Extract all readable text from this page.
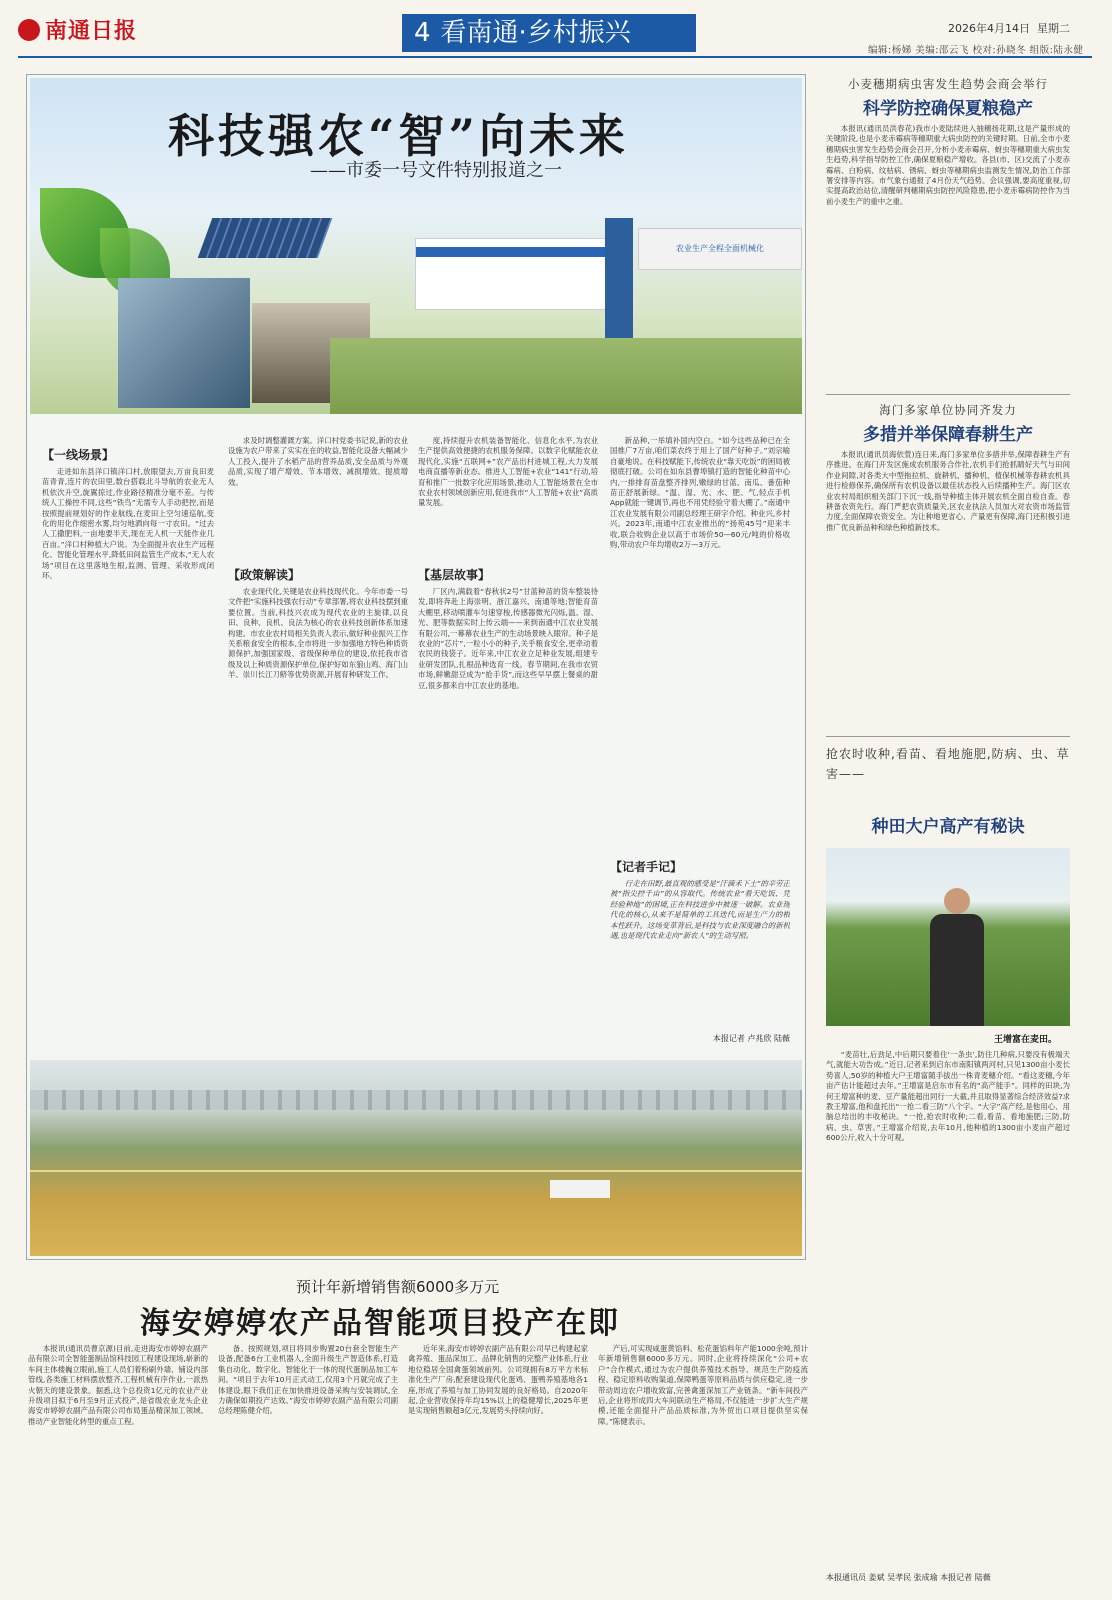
南通日报	4 看南通·乡村振兴	2026年4月14日 星期二
编辑:杨娣 美编:邵云飞 校对:孙晓冬 组版:陆永健
农业生产全程全面机械化
科技强农“智”向未来
——市委一号文件特别报道之一
【一线场景】

走进如东县洋口镇洋口村,放眼望去,万亩良田麦苗青青,连片的农田里,数台搭载北斗导航的农业无人机依次升空,旋翼掠过,作业路径精准分毫不差。与传统人工操控不同,这些“铁鸟”无需专人手动把控,而是按照提前规划好的作业航线,在麦田上空匀速巡航,变化的用化作细密水雾,均匀地洒向每一寸农田。“过去人工撒肥料,一亩地要半天,现在无人机一天能作业几百亩。”洋口村种植大户说。为全面提升农业生产远程化、智能化管理水平,降低田间监管生产成本,“无人农场”项目在这里落地生根,监测、管理、采收形成闭环。

求及时调整灌溉方案。洋口村党委书记说,新的农业设施为农户带来了实实在在的收益,智能化设备大幅减少人工投入,提升了水稻产品的营养品质,安全品质与外观品质,实现了增产增效、节本增效、减损增效、提质增效。

【政策解读】

农业现代化,关键是农业科技现代化。今年市委一号文件把“实施科技强农行动”专章部署,将农业科技摆到重要位置。当前,科技兴农成为现代农业的主旋律,以良田、良种、良机、良法为核心的农业科技创新体系加速构建。市农业农村局相关负责人表示,做好种业振兴工作关系粮食安全的根本,全市将进一步加强地方特色种质资源保护,加强国家级、省级保种单位的建设,依托我市省级及以上种质资源保护单位,保护好如东狼山鸡、海门山羊、崇川长江刀鲚等优势资源,开展育种研发工作。

度,持续提升农机装备智能化、信息化水平,为农业生产提供高效便捷的农机服务保障。以数字化赋能农业现代化,实施“五联网+”农产品出村进城工程,大力发展电商直播等新业态。推进人工智能+农业“141”行动,培育和推广一批数字化应用场景,推动人工智能场景在全市农业农村领域创新应用,促进我市“人工智能+农业”高质量发展。

【基层故事】

厂区内,满载着“春秋状2号”甘蓝种苗的货车整装待发,即将奔赴上海崇明、浙江嘉兴、南通等地;智能育苗大棚里,移动喷灌车匀速穿梭,传感器微光闪烁,温、湿、光、肥等数据实时上传云端——来到南通中江农业发展有限公司,一幕幕农业生产的生动场景映入眼帘。种子是农业的“芯片”,一粒小小的种子,关乎粮食安全,更牵动着农民的钱袋子。近年来,中江农业立足种业发展,组建专业研发团队,扎根品种选育一线。春节期间,在我市农贸市场,鲜嫩甜豆成为“抢手货”,而这些早早摆上餐桌的甜豆,很多都来自中江农业的基地。

新品种,一举填补国内空白。“如今这些品种已在全国推广7万亩,咱们菜农终于用上了国产好种子。”刘宗喻自豪地说。在科技赋能下,传统农业“靠天吃饭”的困局被彻底打破。公司在如东县曹埠镇打造的智能化种苗中心内,一排排育苗盘整齐排列,嫩绿的甘蓝、南瓜、番茄种苗正舒展新绿。“温、湿、光、水、肥、气,轻点手机App就能一键调节,再也不用凭经验守着大棚了。”南通中江农业发展有限公司副总经理王研字介绍。种业兴,乡村兴。2023年,南通中江农业推出的“扬苑45号”迎来丰收,联合收购企业以高于市场价50—60元/吨的价格收购,带动农户年均增收2万—3万元。

【记者手记】

行走在田野,最直观的感受是“汗滴禾下土”的辛劳正被“指尖控千亩”的从容取代。传统农业“看天吃饭、凭经验种地”的困境,正在科技进步中被逐一破解。农业现代化的核心,从来不是简单的工具迭代,而是生产力的根本性跃升。这场变革背后,是科技与农业深度融合的新机遇,也是现代农业走向“新农人”的生动写照。

本报记者 卢兆欣 陆薇
小麦穗期病虫害发生趋势会商会举行
科学防控确保夏粮稳产

本报讯(通讯员洪春花)我市小麦陆续进入抽穗扬花期,这是产量形成的关键阶段,也是小麦赤霉病等穗期重大病虫防控的关键时期。日前,全市小麦穗期病虫害发生趋势会商会召开,分析小麦赤霉病、蚜虫等穗期重大病虫发生趋势,科学指导防控工作,确保夏粮稳产增收。各县(市、区)交流了小麦赤霉病、白粉病、纹枯病、锈病、蚜虫等穗期病虫监测发生情况,防治工作部署安排等内容。市气象台通报了4月份天气趋势。会议强调,要高度重视,切实提高政治站位,清醒研判穗期病虫防控风险隐患,把小麦赤霉病防控作为当前小麦生产的重中之重。

海门多家单位协同齐发力
多措并举保障春耕生产

本报讯(通讯员海依萱)连日来,海门多家单位多措并举,保障春耕生产有序推进。在海门开发区施成农机服务合作社,农机手们抢抓睛好天气与田间作业间隙,对各类大中型拖拉机、旋耕机、播种机、植保机械等春耕农机具进行检修保养,确保所有农机设备以最佳状态投入后续播种生产。海门区农业农村局组织相关部门下沉一线,指导种植主体开展农机全面自检自查。春耕备农资先行。海门严把农资质量关,区农业执法人员加大对农资市场监管力度,全面保障农资安全。为让种地更省心、产量更有保障,海门还积极引进推广优良新品种和绿色种植新技术。

抢农时收种,看苗、看地施肥,防病、虫、草害——
种田大户高产有秘诀
王增富在麦田。

“麦苗壮,后劲足,中后期只要着住‘一条虫’,防住几种病,只要没有极端天气,就能大功告成。”近日,记者来到启东市南阳镇两河村,只见1300亩小麦长势喜人,50岁的种植大户王增富随手拔出一株青麦穗介绍。“看这麦穗,今年亩产估计能超过去年。”王增富是启东市有名的“高产能手”。同样的田块,为何王增富种的麦、豆产量能超出同行一大截,并且取得显著综合经济效益?求教王增富,他和盘托出“一抢二看三防”八个字。“大字”高产经,是他用心、用脑总结出的丰收秘诀。“一抢,抢农时收种;二看,看苗、看地施肥;三防,防病、虫、草害。”王增富介绍说,去年10月,他种植的1300亩小麦亩产超过600公斤,收入十分可观。

本报通讯员 姜斌 吴孝民 张成瑜 本报记者 陆薇
预计年新增销售额6000多万元
海安婷婷农产品智能项目投产在即

本报讯(通讯员曹京源)目前,走进海安市婷婷农副产品有限公司全智能蛋制品馆科技园工程建设现场,崭新的车间主体楼巍立眼前,施工人员们着粉刷外墙、铺设内部管线,各类施工材料摆放整齐,工程机械有序作业,一派热火朝天的建设景象。据悉,这个总投资1亿元的农业产业升级项目拟于6月至9月正式投产,是省级农业龙头企业海安市婷婷农副产品有限公司布局蛋品精深加工领域、推动产业智能化转型的重点工程。

备、按照规划,项目将同步购置20台套全智能生产设备,配备6台工业机器人,全面升级生产智造体系,打造集自动化、数字化、智能化于一体的现代蛋制品加工车间。“项目于去年10月正式动工,仅用3个月就完成了主体建设,眼下我们正在加快推进设备采购与安装调试,全力确保如期投产达效。”海安市婷婷农副产品有限公司副总经理陈健介绍。

近年来,海安市婷婷农副产品有限公司早已构建起家禽养殖、蛋品深加工、品牌化销售的完整产业体系,行业地位稳居全国禽蛋领域前列。公司现拥有8万平方米标准化生产厂房,配套建设现代化蛋鸡、蛋鸭养殖基地各1座,形成了养殖与加工协同发展的良好格局。自2020年起,企业营收保持年均15%以上的稳健增长,2025年更是实现销售额超3亿元,发展势头持续向好。

产后,可实现咸蛋黄馅料、松花蛋馅料年产能1000余吨,预计年新增销售额6000多万元。同时,企业将持续深化“公司+农户”合作模式,通过为农户提供养殖技术指导、规范生产防疫流程、稳定原料收购渠道,保障鸭蛋等原料品质与供应稳定,进一步带动周边农户增收致富,完善禽蛋深加工产业链条。“新车间投产后,企业将形成四大车间联动生产格局,不仅能进一步扩大生产规模,还能全面提升产品品质标准,为外贸出口项目提供坚实保障。”陈健表示。
